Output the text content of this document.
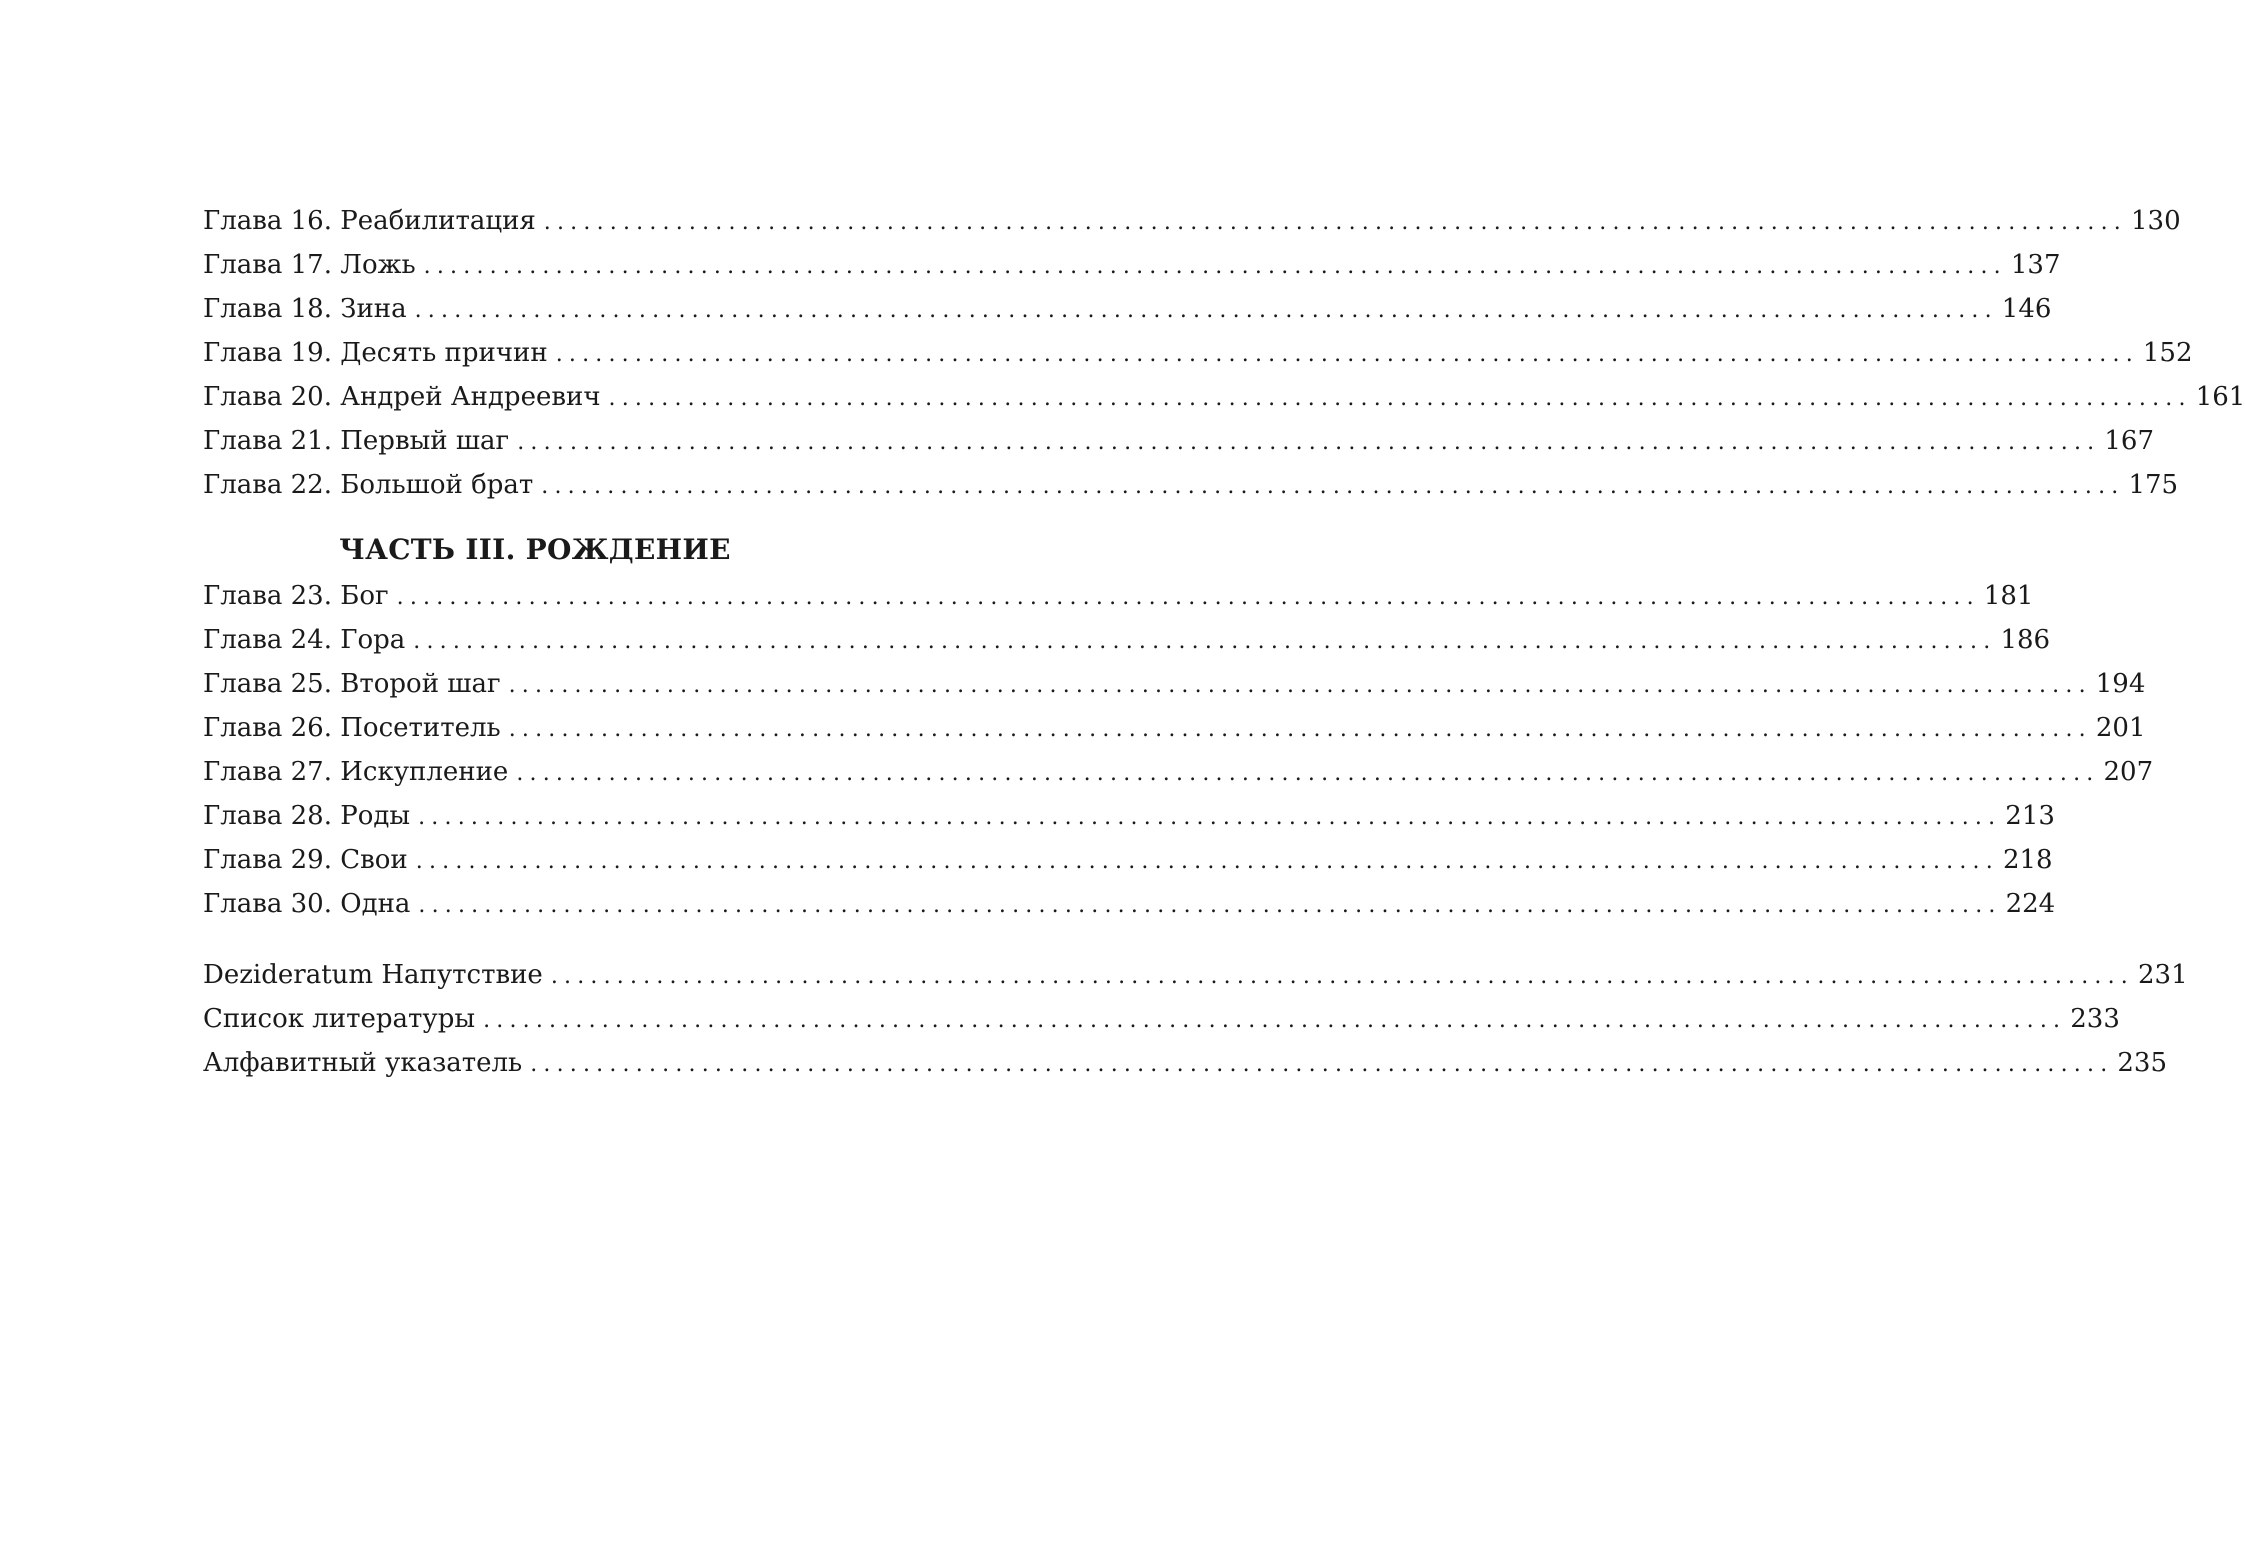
Глава 16. Реабилитация ........................................................................................................................ 130
Глава 17. Ложь ........................................................................................................................ 137
Глава 18. Зина ........................................................................................................................ 146
Глава 19. Десять причин ........................................................................................................................ 152
Глава 20. Андрей Андреевич ........................................................................................................................ 161
Глава 21. Первый шаг ........................................................................................................................ 167
Глава 22. Большой брат ........................................................................................................................ 175
ЧАСТЬ III. РОЖДЕНИЕ
Глава 23. Бог ........................................................................................................................ 181
Глава 24. Гора ........................................................................................................................ 186
Глава 25. Второй шаг ........................................................................................................................ 194
Глава 26. Посетитель ........................................................................................................................ 201
Глава 27. Искупление ........................................................................................................................ 207
Глава 28. Роды ........................................................................................................................ 213
Глава 29. Свои ........................................................................................................................ 218
Глава 30. Одна ........................................................................................................................ 224
Deziderаtum Напутствие ........................................................................................................................ 231
Список литературы ........................................................................................................................ 233
Алфавитный указатель ........................................................................................................................ 235
